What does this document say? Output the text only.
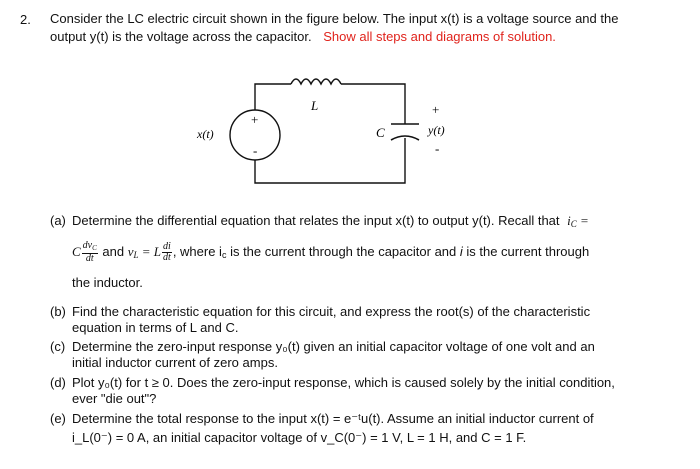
2. Consider the LC electric circuit shown in the figure below. The input x(t) is a voltage source and the
output y(t) is the voltage across the capacitor. Show all steps and diagrams of solution.
+
-
x(t)
L
C
+
y(t)
-
(a) Determine the differential equation that relates the input x(t) to output y(t). Recall that $i_C$ =
C $\frac{dv_C}{dt}$ and $v_L = L \frac{di}{dt}$ , where $i_c$ is the current through the capacitor and i is the current through
the inductor.
(b) Find the characteristic equation for this circuit, and express the root(s) of the characteristic
equation in terms of L and C.
(c) Determine the zero-input response y₀(t) given an initial capacitor voltage of one volt and an
initial inductor current of zero amps.
(d) Plot y₀(t) for t ≥ 0. Does the zero-input response, which is caused solely by the initial condition,
ever "die out"?
(e) Determine the total response to the input x(t) = e⁻ᵗu(t). Assume an initial inductor current of
i_L(0⁻) = 0 A, an initial capacitor voltage of v_C(0⁻) = 1 V, L = 1 H, and C = 1 F.
